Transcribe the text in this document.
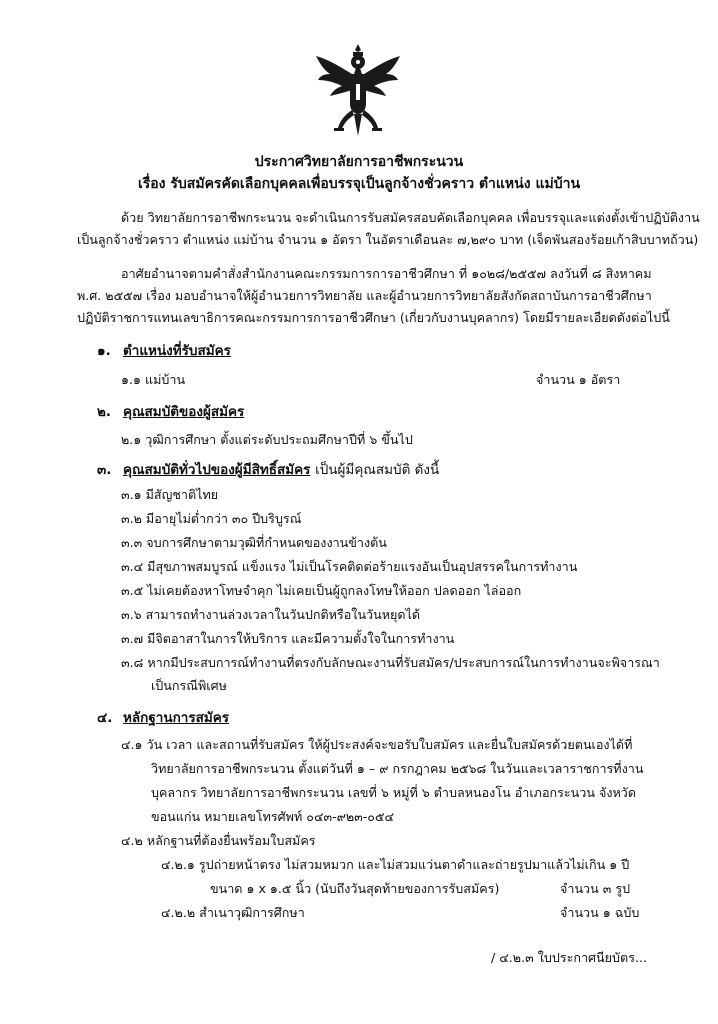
ประกาศวิทยาลัยการอาชีพกระนวน
เรื่อง รับสมัครคัดเลือกบุคคลเพื่อบรรจุเป็นลูกจ้างชั่วคราว ตำแหน่ง แม่บ้าน
ด้วย วิทยาลัยการอาชีพกระนวน จะดำเนินการรับสมัครสอบคัดเลือกบุคคล เพื่อบรรจุและแต่งตั้งเข้าปฏิบัติงาน
เป็นลูกจ้างชั่วคราว ตำแหน่ง แม่บ้าน จำนวน ๑ อัตรา ในอัตราเดือนละ ๗,๒๙๐ บาท (เจ็ดพันสองร้อยเก้าสิบบาทถ้วน)
อาศัยอำนาจตามคำสั่งสำนักงานคณะกรรมการการอาชีวศึกษา ที่ ๑๐๒๘/๒๕๕๗ ลงวันที่ ๘ สิงหาคม
พ.ศ. ๒๕๕๗ เรื่อง มอบอำนาจให้ผู้อำนวยการวิทยาลัย และผู้อำนวยการวิทยาลัยสังกัดสถาบันการอาชีวศึกษา
ปฏิบัติราชการแทนเลขาธิการคณะกรรมการการอาชีวศึกษา (เกี่ยวกับงานบุคลากร) โดยมีรายละเอียดดังต่อไปนี้
๑. ตำแหน่งที่รับสมัคร
๑.๑ แม่บ้าน	จำนวน ๑ อัตรา
๒. คุณสมบัติของผู้สมัคร
๒.๑ วุฒิการศึกษา ตั้งแต่ระดับประถมศึกษาปีที่ ๖ ขึ้นไป
๓. คุณสมบัติทั่วไปของผู้มีสิทธิ์สมัคร เป็นผู้มีคุณสมบัติ ดังนี้
๓.๑ มีสัญชาติไทย
๓.๒ มีอายุไม่ต่ำกว่า ๓๐ ปีบริบูรณ์
๓.๓ จบการศึกษาตามวุฒิที่กำหนดของงานข้างต้น
๓.๔ มีสุขภาพสมบูรณ์ แข็งแรง ไม่เป็นโรคติดต่อร้ายแรงอันเป็นอุปสรรคในการทำงาน
๓.๕ ไม่เคยต้องหาโทษจำคุก ไม่เคยเป็นผู้ถูกลงโทษให้ออก ปลดออก ไล่ออก
๓.๖ สามารถทำงานล่วงเวลาในวันปกติหรือในวันหยุดได้
๓.๗ มีจิตอาสาในการให้บริการ และมีความตั้งใจในการทำงาน
๓.๘ หากมีประสบการณ์ทำงานที่ตรงกับลักษณะงานที่รับสมัคร/ประสบการณ์ในการทำงานจะพิจารณา
เป็นกรณีพิเศษ
๔. หลักฐานการสมัคร
๔.๑ วัน เวลา และสถานที่รับสมัคร ให้ผู้ประสงค์จะขอรับใบสมัคร และยื่นใบสมัครด้วยตนเองได้ที่
วิทยาลัยการอาชีพกระนวน ตั้งแต่วันที่ ๑ – ๙ กรกฎาคม ๒๕๖๘ ในวันและเวลาราชการที่งาน
บุคลากร วิทยาลัยการอาชีพกระนวน เลขที่ ๖ หมู่ที่ ๖ ตำบลหนองโน อำเภอกระนวน จังหวัด
ขอนแก่น หมายเลขโทรศัพท์ ๐๔๓-๙๒๓-๐๕๔
๔.๒ หลักฐานที่ต้องยื่นพร้อมใบสมัคร
๔.๒.๑ รูปถ่ายหน้าตรง ไม่สวมหมวก และไม่สวมแว่นตาดำและถ่ายรูปมาแล้วไม่เกิน ๑ ปี
ขนาด ๑ x ๑.๕ นิ้ว (นับถึงวันสุดท้ายของการรับสมัคร)	จำนวน ๓ รูป
๔.๒.๒ สำเนาวุฒิการศึกษา	จำนวน ๑ ฉบับ
/ ๔.๒.๓ ใบประกาศนียบัตร...
